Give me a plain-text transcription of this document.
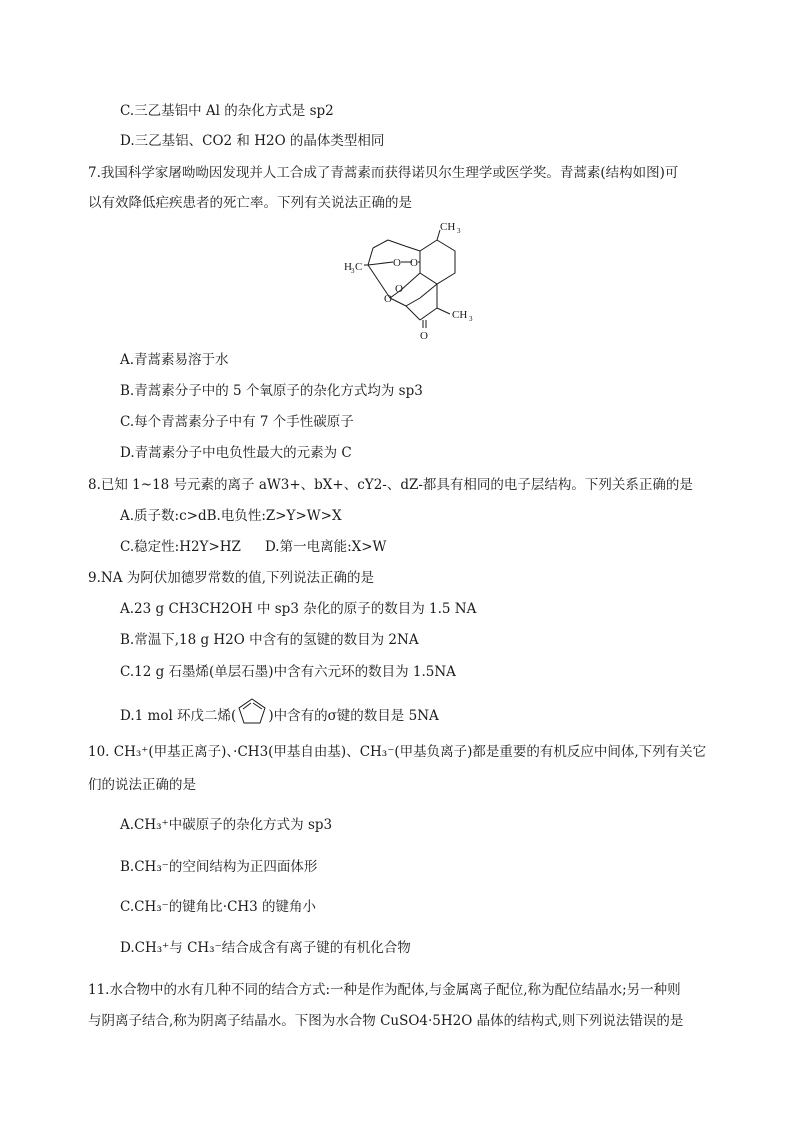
C.三乙基铝中 Al 的杂化方式是 sp2
D.三乙基铝、CO2 和 H2O 的晶体类型相同
7.我国科学家屠呦呦因发现并人工合成了青蒿素而获得诺贝尔生理学或医学奖。青蒿素(结构如图)可
以有效降低疟疾患者的死亡率。下列有关说法正确的是
CH 3
H 3 C	O O
O
O
O
CH 3
A.青蒿素易溶于水
B.青蒿素分子中的 5 个氧原子的杂化方式均为 sp3
C.每个青蒿素分子中有 7 个手性碳原子
D.青蒿素分子中电负性最大的元素为 C
8.已知 1~18 号元素的离子 aW3+、bX+、cY2-、dZ-都具有相同的电子层结构。下列关系正确的是
A.质子数:c>dB.电负性:Z>Y>W>X
C.稳定性:H2Y>HZ D.第一电离能:X>W
9.NA 为阿伏加德罗常数的值,下列说法正确的是
A.23 g CH3CH2OH 中 sp3 杂化的原子的数目为 1.5 NA
B.常温下,18 g H2O 中含有的氢键的数目为 2NA
C.12 g 石墨烯(单层石墨)中含有六元环的数目为 1.5NA
D.1 mol 环戊二烯( )中含有的σ键的数目是 5NA
10. CH₃⁺(甲基正离子)、·CH3(甲基自由基)、CH₃⁻(甲基负离子)都是重要的有机反应中间体,下列有关它
们的说法正确的是
A.CH₃⁺中碳原子的杂化方式为 sp3
B.CH₃⁻的空间结构为正四面体形
C.CH₃⁻的键角比·CH3 的键角小
D.CH₃⁺与 CH₃⁻结合成含有离子键的有机化合物
11.水合物中的水有几种不同的结合方式:一种是作为配体,与金属离子配位,称为配位结晶水;另一种则
与阴离子结合,称为阴离子结晶水。下图为水合物 CuSO4·5H2O 晶体的结构式,则下列说法错误的是
